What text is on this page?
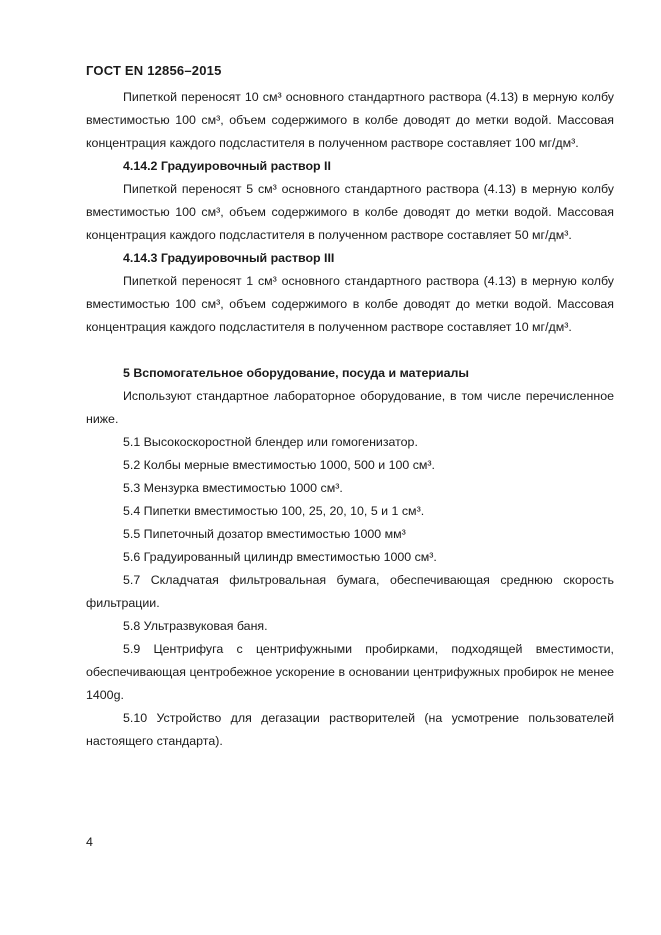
ГОСТ EN 12856–2015

Пипеткой переносят 10 см³ основного стандартного раствора (4.13) в мерную колбу вместимостью 100 см³, объем содержимого в колбе доводят до метки водой. Массовая концентрация каждого подсластителя в полученном растворе составляет 100 мг/дм³.

4.14.2 Градуировочный раствор II

Пипеткой переносят 5 см³ основного стандартного раствора (4.13) в мерную колбу вместимостью 100 см³, объем содержимого в колбе доводят до метки водой. Массовая концентрация каждого подсластителя в полученном растворе составляет 50 мг/дм³.

4.14.3 Градуировочный раствор III

Пипеткой переносят 1 см³ основного стандартного раствора (4.13) в мерную колбу вместимостью 100 см³, объем содержимого в колбе доводят до метки водой. Массовая концентрация каждого подсластителя в полученном растворе составляет 10 мг/дм³.

5 Вспомогательное оборудование, посуда и материалы

Используют стандартное лабораторное оборудование, в том числе перечисленное ниже.

5.1 Высокоскоростной блендер или гомогенизатор.

5.2 Колбы мерные вместимостью 1000, 500 и 100 см³.

5.3 Мензурка вместимостью 1000 см³.

5.4 Пипетки вместимостью 100, 25, 20, 10, 5 и 1 см³.

5.5 Пипеточный дозатор вместимостью 1000 мм³

5.6 Градуированный цилиндр вместимостью 1000 см³.

5.7 Складчатая фильтровальная бумага, обеспечивающая среднюю скорость фильтрации.

5.8 Ультразвуковая баня.

5.9 Центрифуга с центрифужными пробирками, подходящей вместимости, обеспечивающая центробежное ускорение в основании центрифужных пробирок не менее 1400g.

5.10 Устройство для дегазации растворителей (на усмотрение пользователей настоящего стандарта).

4
